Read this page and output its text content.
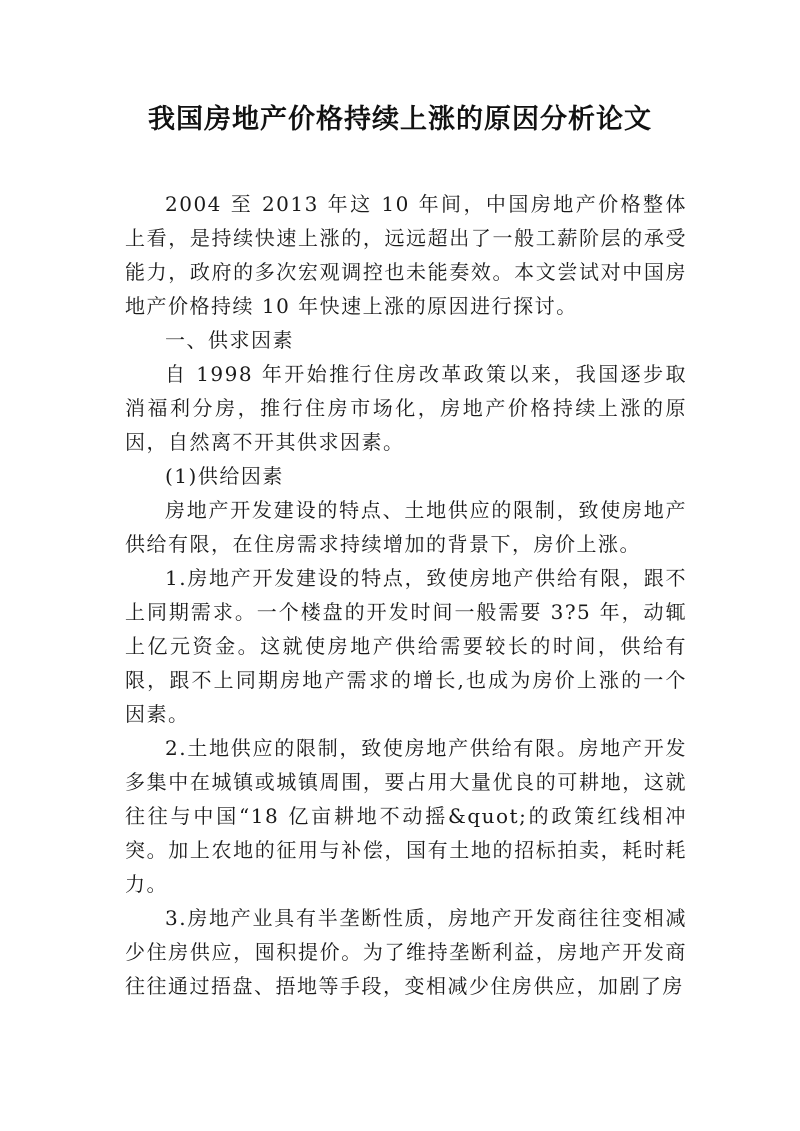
我国房地产价格持续上涨的原因分析论文

2004 至 2013 年这 10 年间，中国房地产价格整体上看，是持续快速上涨的，远远超出了一般工薪阶层的承受能力，政府的多次宏观调控也未能奏效。本文尝试对中国房地产价格持续 10 年快速上涨的原因进行探讨。

一、供求因素

自 1998 年开始推行住房改革政策以来，我国逐步取消福利分房，推行住房市场化，房地产价格持续上涨的原因，自然离不开其供求因素。

(1)供给因素

房地产开发建设的特点、土地供应的限制，致使房地产供给有限，在住房需求持续增加的背景下，房价上涨。

1.房地产开发建设的特点，致使房地产供给有限，跟不上同期需求。一个楼盘的开发时间一般需要 3?5 年，动辄上亿元资金。这就使房地产供给需要较长的时间，供给有限，跟不上同期房地产需求的增长,也成为房价上涨的一个因素。

2.土地供应的限制，致使房地产供给有限。房地产开发多集中在城镇或城镇周围，要占用大量优良的可耕地，这就往往与中国“18 亿亩耕地不动摇&quot;的政策红线相冲突。加上农地的征用与补偿，国有土地的招标拍卖，耗时耗力。

3.房地产业具有半垄断性质，房地产开发商往往变相减少住房供应，囤积提价。为了维持垄断利益，房地产开发商往往通过捂盘、捂地等手段，变相减少住房供应，加剧了房
